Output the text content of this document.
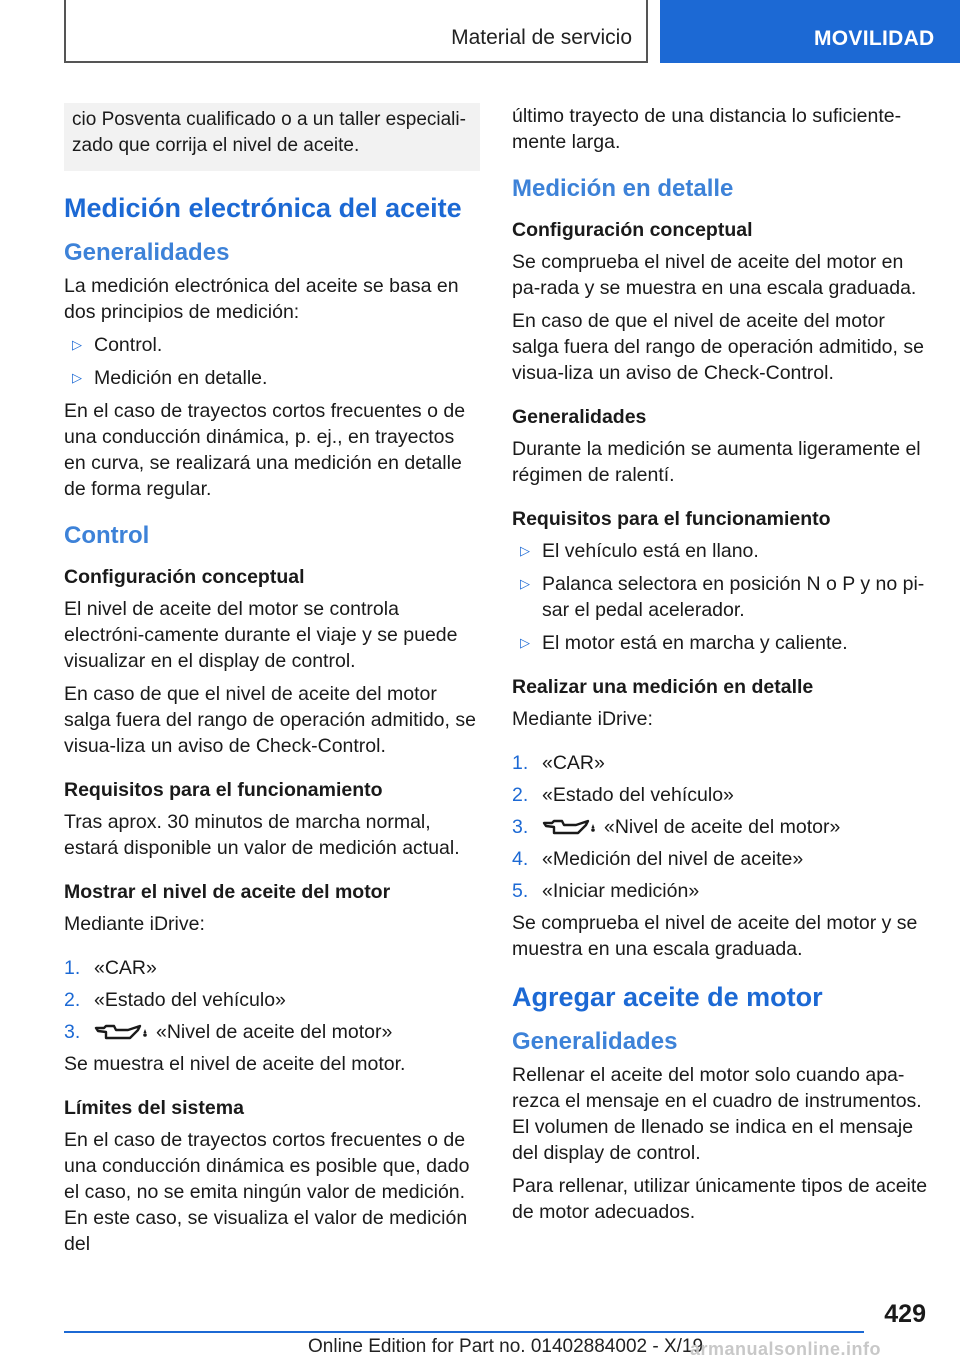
Material de servicio	MOVILIDAD
cio Posventa cualificado o a un taller especiali-zado que corrija el nivel de aceite.
Medición electrónica del aceite
Generalidades

La medición electrónica del aceite se basa en dos principios de medición:

▷ Control.
▷ Medición en detalle.

En el caso de trayectos cortos frecuentes o de una conducción dinámica, p. ej., en trayectos en curva, se realizará una medición en detalle de forma regular.

Control
Configuración conceptual

El nivel de aceite del motor se controla electróni-camente durante el viaje y se puede visualizar en el display de control.

En caso de que el nivel de aceite del motor salga fuera del rango de operación admitido, se visua-liza un aviso de Check-Control.

Requisitos para el funcionamiento

Tras aprox. 30 minutos de marcha normal, estará disponible un valor de medición actual.

Mostrar el nivel de aceite del motor

Mediante iDrive:

1. «CAR»
2. «Estado del vehículo»
3.	«Nivel de aceite del motor»

Se muestra el nivel de aceite del motor.

Límites del sistema

En el caso de trayectos cortos frecuentes o de una conducción dinámica es posible que, dado el caso, no se emita ningún valor de medición. En este caso, se visualiza el valor de medición del

último trayecto de una distancia lo suficiente-mente larga.

Medición en detalle
Configuración conceptual

Se comprueba el nivel de aceite del motor en pa-rada y se muestra en una escala graduada.

En caso de que el nivel de aceite del motor salga fuera del rango de operación admitido, se visua-liza un aviso de Check-Control.

Generalidades

Durante la medición se aumenta ligeramente el régimen de ralentí.

Requisitos para el funcionamiento
▷ El vehículo está en llano.
▷ Palanca selectora en posición N o P y no pi-sar el pedal acelerador.
▷ El motor está en marcha y caliente.
Realizar una medición en detalle

Mediante iDrive:

1. «CAR»
2. «Estado del vehículo»
3.	«Nivel de aceite del motor»
4. «Medición del nivel de aceite»
5. «Iniciar medición»

Se comprueba el nivel de aceite del motor y se muestra en una escala graduada.

Agregar aceite de motor
Generalidades

Rellenar el aceite del motor solo cuando apa-rezca el mensaje en el cuadro de instrumentos. El volumen de llenado se indica en el mensaje del display de control.

Para rellenar, utilizar únicamente tipos de aceite de motor adecuados.

429
Online Edition for Part no. 01402884002 - X/19
armanualsonline.info
